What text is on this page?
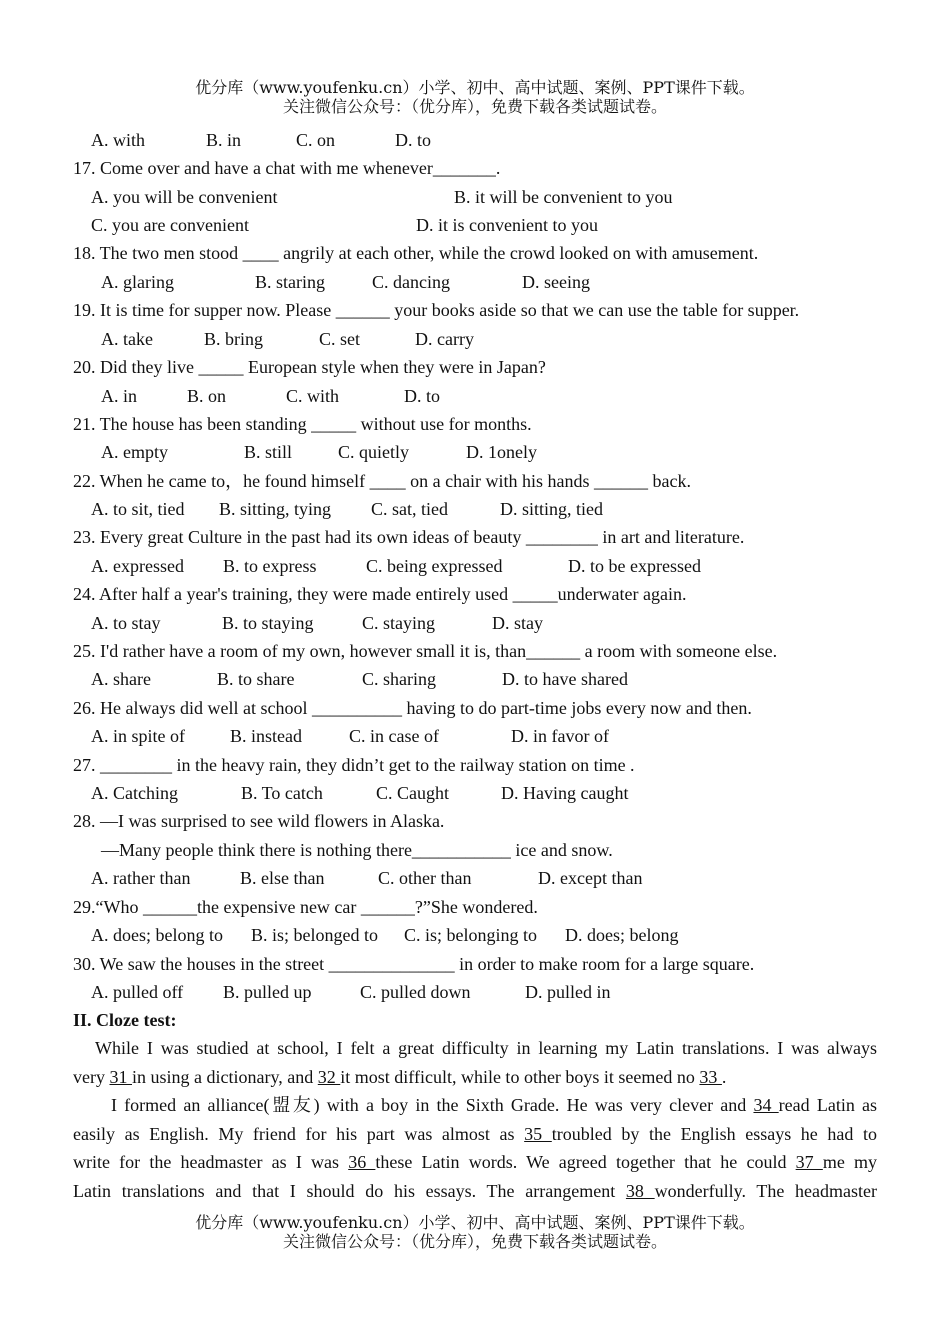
优分库（www.youfenku.cn）小学、初中、高中试题、案例、PPT课件下载。
关注微信公众号：（优分库），免费下载各类试题试卷。
A. with	B. in	C. on	D. to
17. Come over and have a chat with me whenever_______.
A. you will be convenient	B. it will be convenient to you
C. you are convenient	D. it is convenient to you
18. The two men stood ____ angrily at each other, while the crowd looked on with amusement.
A. glaring	B. staring	C. dancing	D. seeing
19. It is time for supper now. Please ______ your books aside so that we can use the table for supper.
A. take	B. bring	C. set	D. carry
20. Did they live _____ European style when they were in Japan?
A. in	B. on	C. with	D. to
21. The house has been standing _____ without use for months.
A. empty	B. still	C. quietly	D. 1onely
22. When he came to，he found himself ____ on a chair with his hands ______ back.
A. to sit, tied B. sitting, tying C. sat, tied	D. sitting, tied
23. Every great Culture in the past had its own ideas of beauty ________ in art and literature.
A. expressed B. to express	C. being expressed	D. to be expressed
24. After half a year's training, they were made entirely used _____underwater again.
A. to stay	B. to staying	C. staying	D. stay
25. I'd rather have a room of my own, however small it is, than______ a room with someone else.
A. share	B. to share	C. sharing	D. to have shared
26. He always did well at school __________ having to do part-time jobs every now and then.
A. in spite of	B. instead	C. in case of	D. in favor of
27. ________ in the heavy rain, they didn’t get to the railway station on time .
A. Catching	B. To catch	C. Caught	D. Having caught
28. —I was surprised to see wild flowers in Alaska.
—Many people think there is nothing there___________ ice and snow.
A. rather than	B. else than	C. other than	D. except than
29.“Who ______the expensive new car ______?”She wondered.
A. does; belong to B. is; belonged to C. is; belonging to D. does; belong
30. We saw the houses in the street ______________ in order to make room for a large square.
A. pulled off B. pulled up	C. pulled down	D. pulled in
II. Cloze test:
While I was studied at school, I felt a great difficulty in learning my Latin translations. I was always
very 31 in using a dictionary, and 32 it most difficult, while to other boys it seemed no 33 .
I formed an alliance(盟友) with a boy in the Sixth Grade. He was very clever and 34 read Latin as
easily as English. My friend for his part was almost as 35 troubled by the English essays he had to
write for the headmaster as I was 36 these Latin words. We agreed together that he could 37 me my
Latin translations and that I should do his essays. The arrangement 38 wonderfully. The headmaster
优分库（www.youfenku.cn）小学、初中、高中试题、案例、PPT课件下载。
关注微信公众号：（优分库），免费下载各类试题试卷。
